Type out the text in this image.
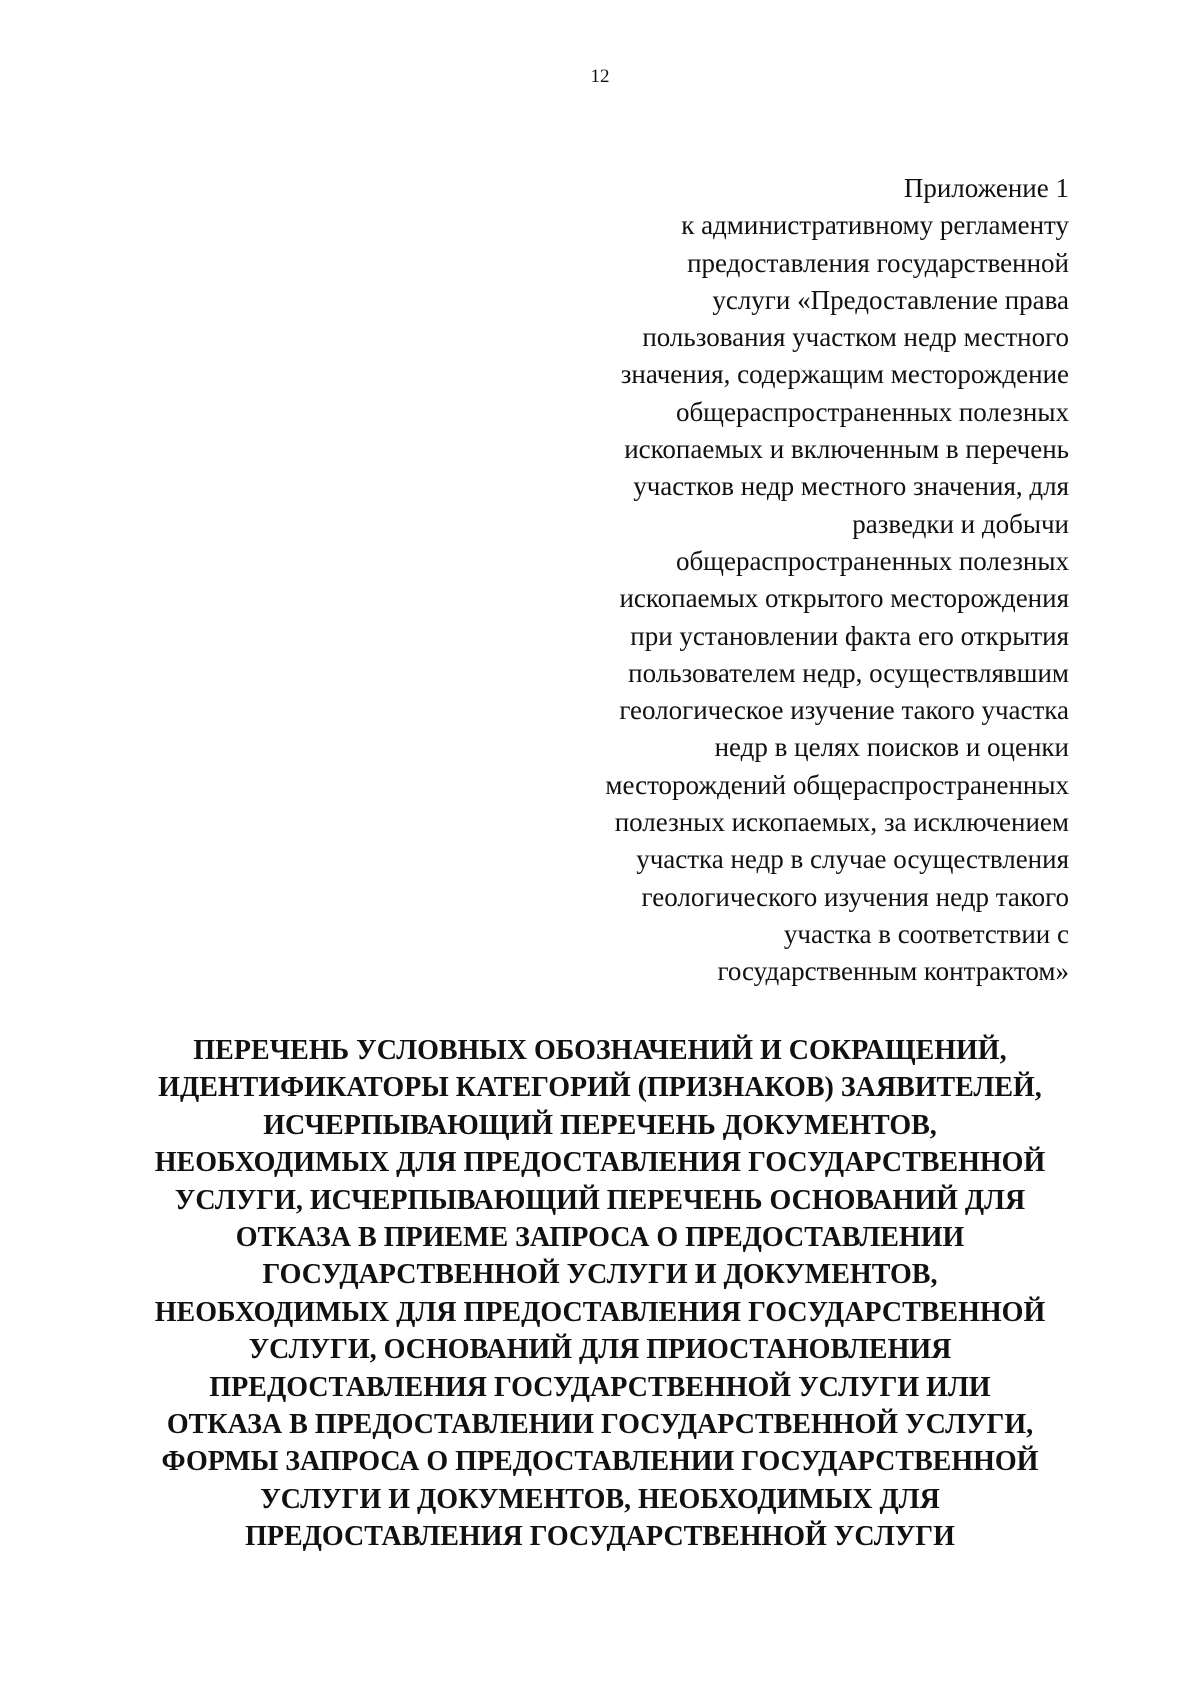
12
Приложение 1
к административному регламенту
предоставления государственной
услуги «Предоставление права
пользования участком недр местного
значения, содержащим месторождение
общераспространенных полезных
ископаемых и включенным в перечень
участков недр местного значения, для
разведки и добычи
общераспространенных полезных
ископаемых открытого месторождения
при установлении факта его открытия
пользователем недр, осуществлявшим
геологическое изучение такого участка
недр в целях поисков и оценки
месторождений общераспространенных
полезных ископаемых, за исключением
участка недр в случае осуществления
геологического изучения недр такого
участка в соответствии с
государственным контрактом»
ПЕРЕЧЕНЬ УСЛОВНЫХ ОБОЗНАЧЕНИЙ И СОКРАЩЕНИЙ,
ИДЕНТИФИКАТОРЫ КАТЕГОРИЙ (ПРИЗНАКОВ) ЗАЯВИТЕЛЕЙ,
ИСЧЕРПЫВАЮЩИЙ ПЕРЕЧЕНЬ ДОКУМЕНТОВ,
НЕОБХОДИМЫХ ДЛЯ ПРЕДОСТАВЛЕНИЯ ГОСУДАРСТВЕННОЙ
УСЛУГИ, ИСЧЕРПЫВАЮЩИЙ ПЕРЕЧЕНЬ ОСНОВАНИЙ ДЛЯ
ОТКАЗА В ПРИЕМЕ ЗАПРОСА О ПРЕДОСТАВЛЕНИИ
ГОСУДАРСТВЕННОЙ УСЛУГИ И ДОКУМЕНТОВ,
НЕОБХОДИМЫХ ДЛЯ ПРЕДОСТАВЛЕНИЯ ГОСУДАРСТВЕННОЙ
УСЛУГИ, ОСНОВАНИЙ ДЛЯ ПРИОСТАНОВЛЕНИЯ
ПРЕДОСТАВЛЕНИЯ ГОСУДАРСТВЕННОЙ УСЛУГИ ИЛИ
ОТКАЗА В ПРЕДОСТАВЛЕНИИ ГОСУДАРСТВЕННОЙ УСЛУГИ,
ФОРМЫ ЗАПРОСА О ПРЕДОСТАВЛЕНИИ ГОСУДАРСТВЕННОЙ
УСЛУГИ И ДОКУМЕНТОВ, НЕОБХОДИМЫХ ДЛЯ
ПРЕДОСТАВЛЕНИЯ ГОСУДАРСТВЕННОЙ УСЛУГИ
